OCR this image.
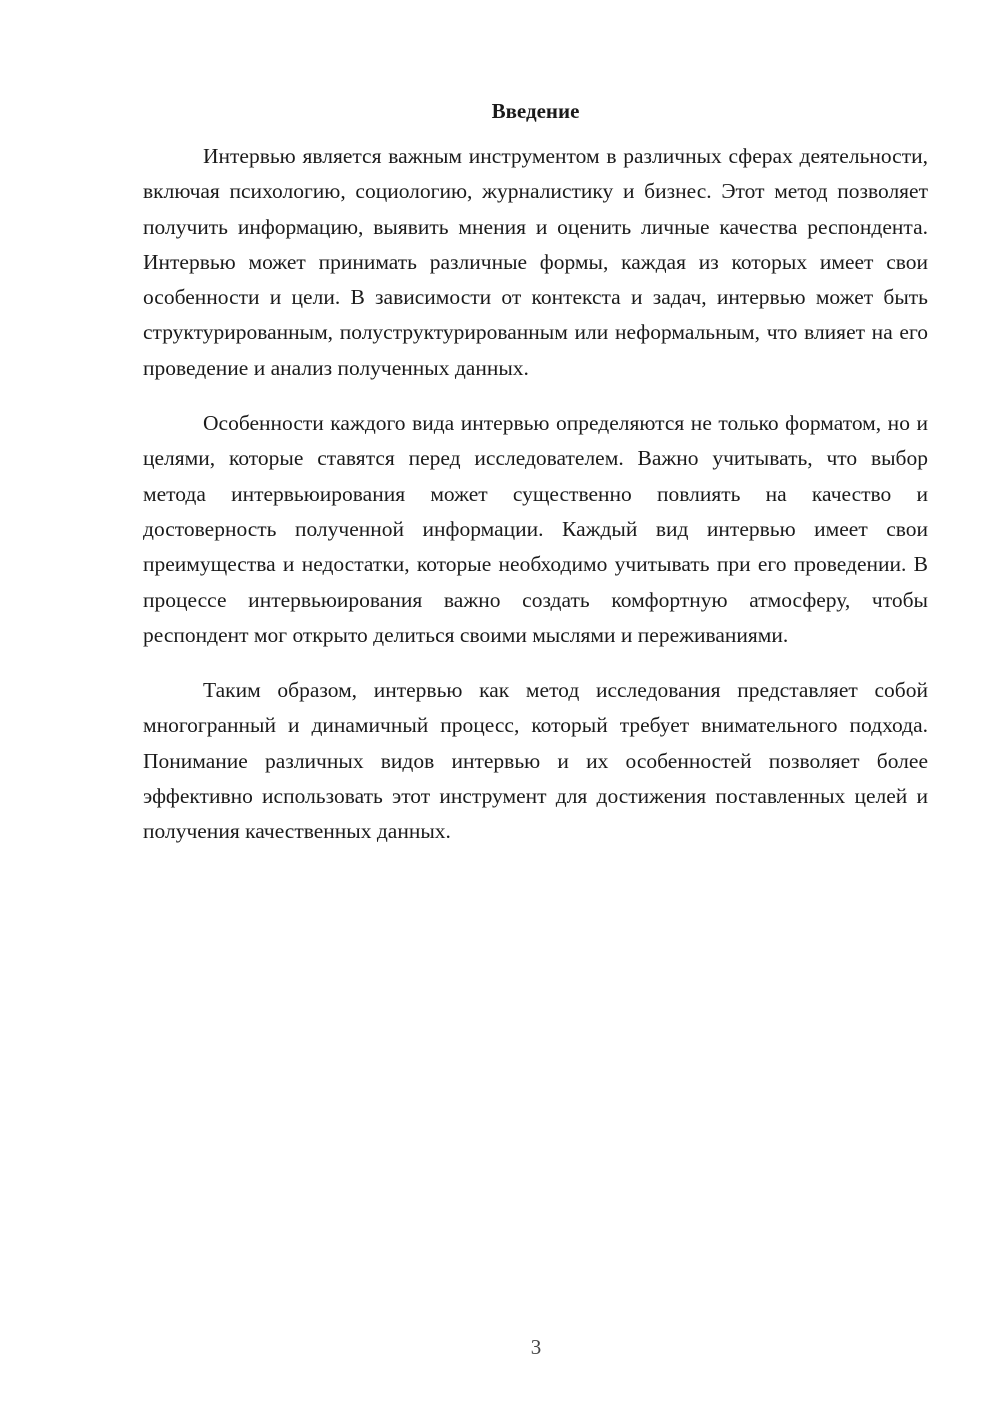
Введение

Интервью является важным инструментом в различных сферах деятельности, включая психологию, социологию, журналистику и бизнес. Этот метод позволяет получить информацию, выявить мнения и оценить личные качества респондента. Интервью может принимать различные формы, каждая из которых имеет свои особенности и цели. В зависимости от контекста и задач, интервью может быть структурированным, полуструктурированным или неформальным, что влияет на его проведение и анализ полученных данных.

Особенности каждого вида интервью определяются не только форматом, но и целями, которые ставятся перед исследователем. Важно учитывать, что выбор метода интервьюирования может существенно повлиять на качество и достоверность полученной информации. Каждый вид интервью имеет свои преимущества и недостатки, которые необходимо учитывать при его проведении. В процессе интервьюирования важно создать комфортную атмосферу, чтобы респондент мог открыто делиться своими мыслями и переживаниями.

Таким образом, интервью как метод исследования представляет собой многогранный и динамичный процесс, который требует внимательного подхода. Понимание различных видов интервью и их особенностей позволяет более эффективно использовать этот инструмент для достижения поставленных целей и получения качественных данных.

3
